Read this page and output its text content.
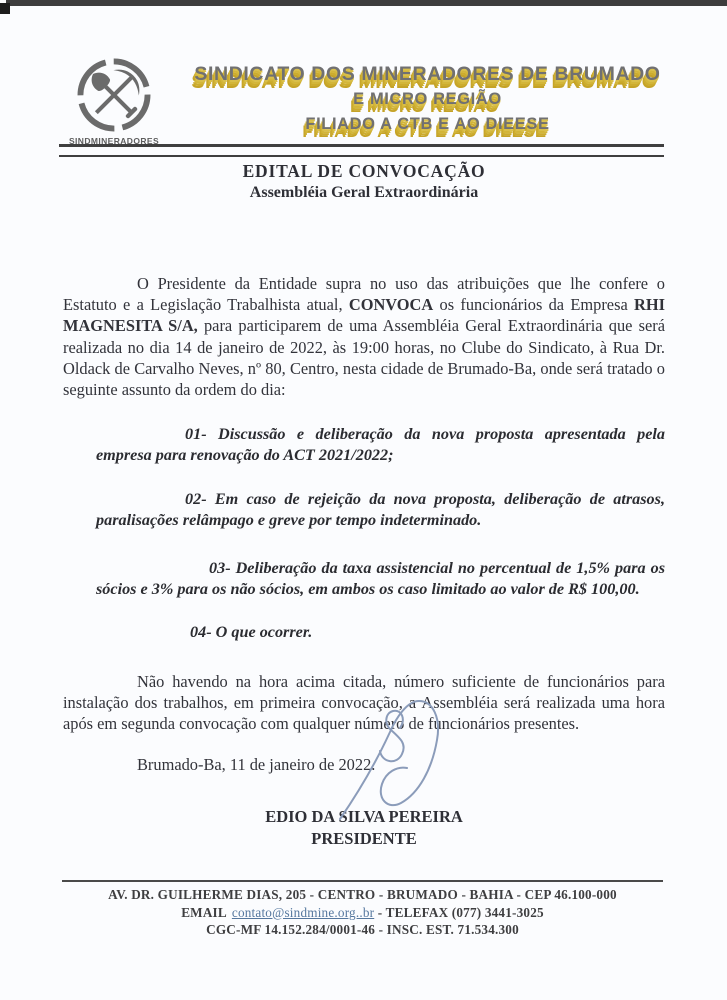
SINDMINERADORES
SINDICATO DOS MINERADORES DE BRUMADO
E MICRO REGIÃO
FILIADO A CTB E AO DIEESE
EDITAL DE CONVOCAÇÃO
Assembléia Geral Extraordinária

O Presidente da Entidade supra no uso das atribuições que lhe confere o Estatuto e a Legislação Trabalhista atual, CONVOCA os funcionários da Empresa RHI MAGNESITA S/A, para participarem de uma Assembléia Geral Extraordinária que será realizada no dia 14 de janeiro de 2022, às 19:00 horas, no Clube do Sindicato, à Rua Dr. Oldack de Carvalho Neves, nº 80, Centro, nesta cidade de Brumado-Ba, onde será tratado o seguinte assunto da ordem do dia:

01- Discussão e deliberação da nova proposta apresentada pela empresa para renovação do ACT 2021/2022;

02- Em caso de rejeição da nova proposta, deliberação de atrasos, paralisações relâmpago e greve por tempo indeterminado.

03- Deliberação da taxa assistencial no percentual de 1,5% para os sócios e 3% para os não sócios, em ambos os caso limitado ao valor de R$ 100,00.

04- O que ocorrer.

Não havendo na hora acima citada, número suficiente de funcionários para instalação dos trabalhos, em primeira convocação, a Assembléia será realizada uma hora após em segunda convocação com qualquer número de funcionários presentes.

Brumado-Ba, 11 de janeiro de 2022.

EDIO DA SILVA PEREIRA
PRESIDENTE
AV. DR. GUILHERME DIAS, 205 - CENTRO - BRUMADO - BAHIA - CEP 46.100-000
EMAIL contato@sindmine.org..br - TELEFAX (077) 3441-3025
CGC-MF 14.152.284/0001-46 - INSC. EST. 71.534.300
